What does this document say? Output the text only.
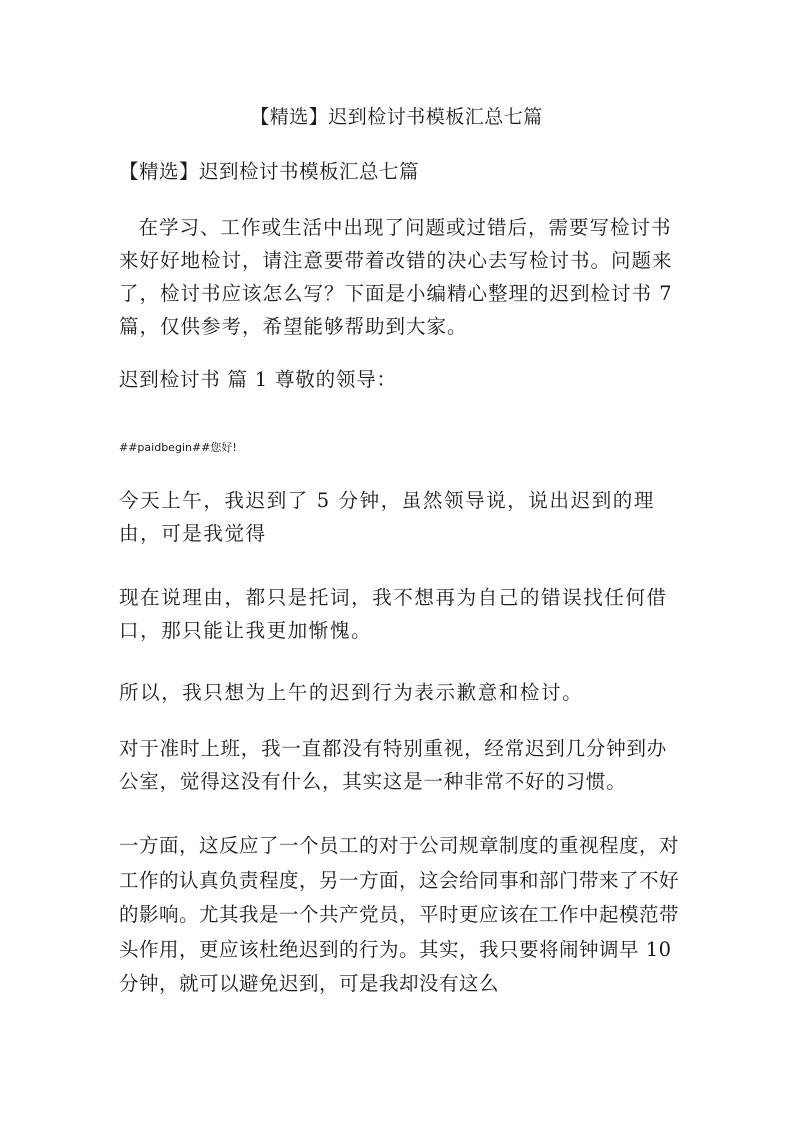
【精选】迟到检讨书模板汇总七篇

【精选】迟到检讨书模板汇总七篇

在学习、工作或生活中出现了问题或过错后，需要写检讨书来好好地检讨，请注意要带着改错的决心去写检讨书。问题来了，检讨书应该怎么写？下面是小编精心整理的迟到检讨书 7 篇，仅供参考，希望能够帮助到大家。

迟到检讨书 篇 1 尊敬的领导：

##paidbegin##您好!

今天上午，我迟到了 5 分钟，虽然领导说，说出迟到的理由，可是我觉得

现在说理由，都只是托词，我不想再为自己的错误找任何借口，那只能让我更加惭愧。

所以，我只想为上午的迟到行为表示歉意和检讨。

对于准时上班，我一直都没有特别重视，经常迟到几分钟到办公室，觉得这没有什么，其实这是一种非常不好的习惯。

一方面，这反应了一个员工的对于公司规章制度的重视程度，对工作的认真负责程度，另一方面，这会给同事和部门带来了不好的影响。尤其我是一个共产党员，平时更应该在工作中起模范带头作用，更应该杜绝迟到的行为。其实，我只要将闹钟调早 10 分钟，就可以避免迟到，可是我却没有这么
